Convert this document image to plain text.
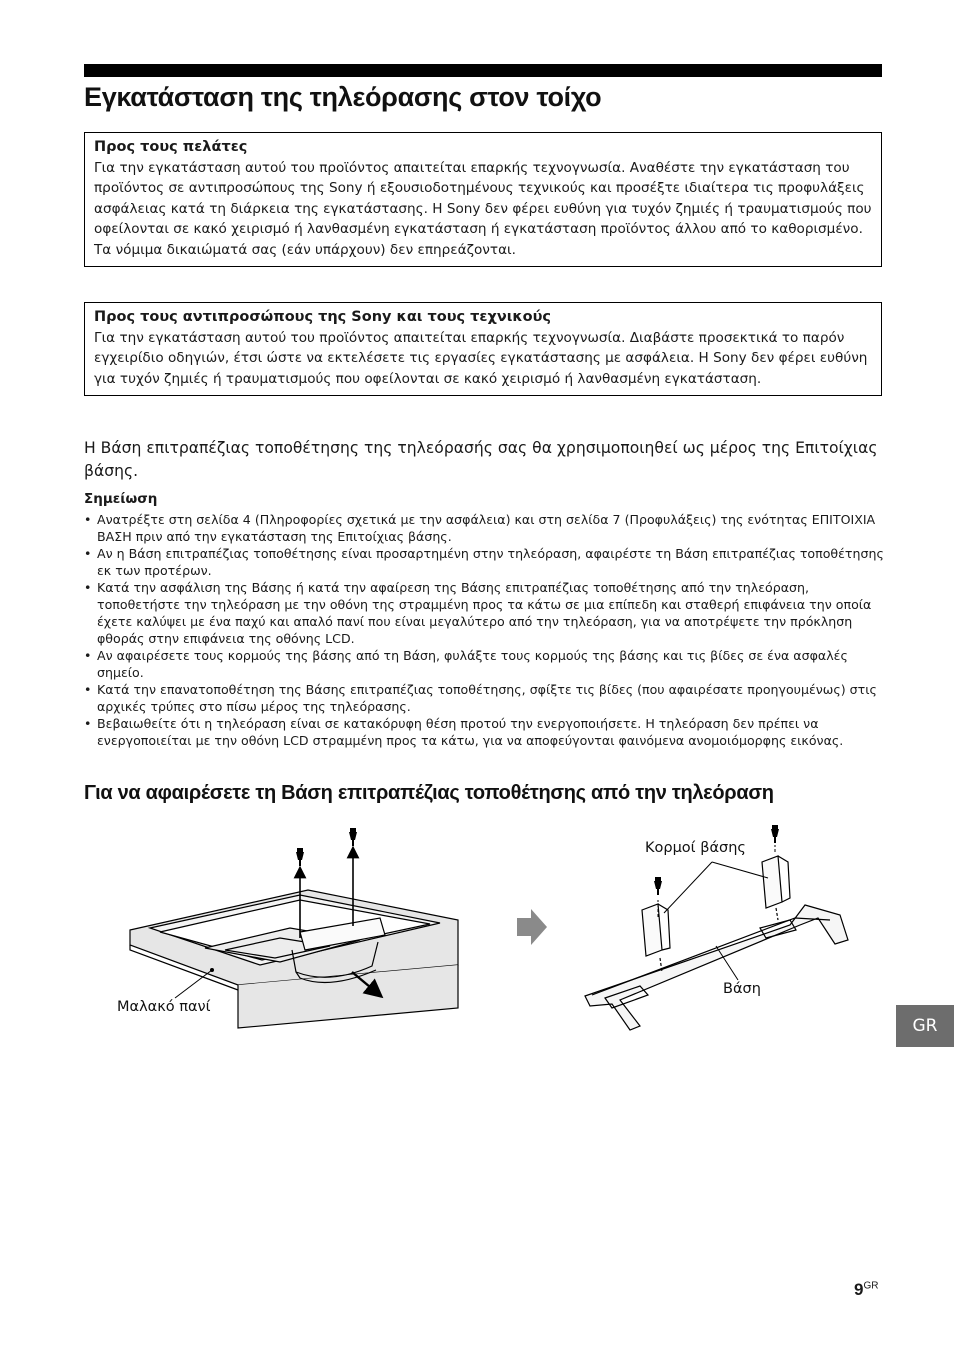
Εγκατάσταση της τηλεόρασης στον τοίχο
Προς τους πελάτες
Για την εγκατάσταση αυτού του προϊόντος απαιτείται επαρκής τεχνογνωσία. Αναθέστε την εγκατάσταση του προϊόντος σε αντιπροσώπους της Sony ή εξουσιοδοτημένους τεχνικούς και προσέξτε ιδιαίτερα τις προφυλάξεις ασφάλειας κατά τη διάρκεια της εγκατάστασης. Η Sony δεν φέρει ευθύνη για τυχόν ζημιές ή τραυματισμούς που οφείλονται σε κακό χειρισμό ή λανθασμένη εγκατάσταση ή εγκατάσταση προϊόντος άλλου από το καθορισμένο. Τα νόμιμα δικαιώματά σας (εάν υπάρχουν) δεν επηρεάζονται.
Προς τους αντιπροσώπους της Sony και τους τεχνικούς
Για την εγκατάσταση αυτού του προϊόντος απαιτείται επαρκής τεχνογνωσία. Διαβάστε προσεκτικά το παρόν εγχειρίδιο οδηγιών, έτσι ώστε να εκτελέσετε τις εργασίες εγκατάστασης με ασφάλεια. Η Sony δεν φέρει ευθύνη για τυχόν ζημιές ή τραυματισμούς που οφείλονται σε κακό χειρισμό ή λανθασμένη εγκατάσταση.
Η Βάση επιτραπέζιας τοποθέτησης της τηλεόρασής σας θα χρησιμοποιηθεί ως μέρος της Επιτοίχιας βάσης.
Σημείωση
• Ανατρέξτε στη σελίδα 4 (Πληροφορίες σχετικά με την ασφάλεια) και στη σελίδα 7 (Προφυλάξεις) της ενότητας ΕΠΙΤΟΙΧΙΑ ΒΑΣΗ πριν από την εγκατάσταση της Επιτοίχιας βάσης.
• Αν η Βάση επιτραπέζιας τοποθέτησης είναι προσαρτημένη στην τηλεόραση, αφαιρέστε τη Βάση επιτραπέζιας τοποθέτησης εκ των προτέρων.
• Κατά την ασφάλιση της Βάσης ή κατά την αφαίρεση της Βάσης επιτραπέζιας τοποθέτησης από την τηλεόραση, τοποθετήστε την τηλεόραση με την οθόνη της στραμμένη προς τα κάτω σε μια επίπεδη και σταθερή επιφάνεια την οποία έχετε καλύψει με ένα παχύ και απαλό πανί που είναι μεγαλύτερο από την τηλεόραση, για να αποτρέψετε την πρόκληση φθοράς στην επιφάνεια της οθόνης LCD.
• Αν αφαιρέσετε τους κορμούς της βάσης από τη Βάση, φυλάξτε τους κορμούς της βάσης και τις βίδες σε ένα ασφαλές σημείο.
• Κατά την επανατοποθέτηση της Βάσης επιτραπέζιας τοποθέτησης, σφίξτε τις βίδες (που αφαιρέσατε προηγουμένως) στις αρχικές τρύπες στο πίσω μέρος της τηλεόρασης.
• Βεβαιωθείτε ότι η τηλεόραση είναι σε κατακόρυφη θέση προτού την ενεργοποιήσετε. Η τηλεόραση δεν πρέπει να ενεργοποιείται με την οθόνη LCD στραμμένη προς τα κάτω, για να αποφεύγονται φαινόμενα ανομοιόμορφης εικόνας.
Για να αφαιρέσετε τη Βάση επιτραπέζιας τοποθέτησης από την τηλεόραση
Μαλακό πανί
Κορμοί βάσης
Βάση
GR
$9^{GR}$
